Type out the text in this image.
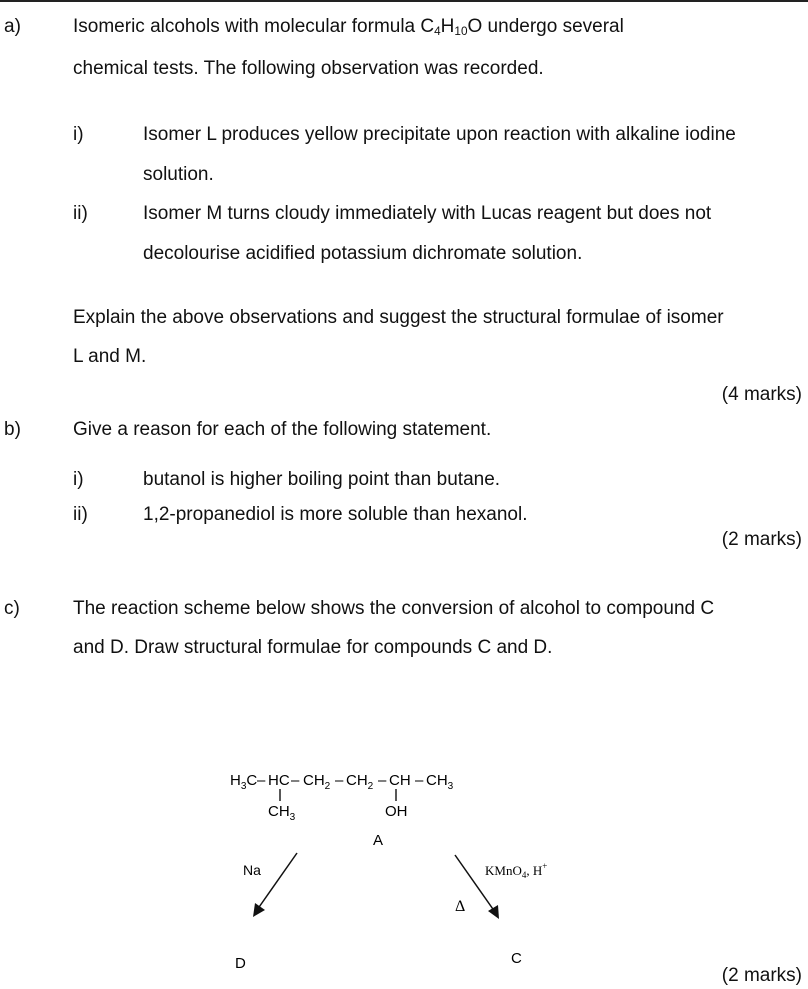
a)	Isomeric alcohols with molecular formula $C_4H_{10}O$ undergo several
chemical tests. The following observation was recorded.
i)	Isomer L produces yellow precipitate upon reaction with alkaline iodine
solution.
ii)	Isomer M turns cloudy immediately with Lucas reagent but does not
decolourise acidified potassium dichromate solution.
Explain the above observations and suggest the structural formulae of isomer
L and M.
(4 marks)
b)	Give a reason for each of the following statement.
i)	butanol is higher boiling point than butane.
ii)	1,2-propanediol is more soluble than hexanol.
(2 marks)
c)	The reaction scheme below shows the conversion of alcohol to compound C
and D. Draw structural formulae for compounds C and D.
$H_3C$ – HC – $CH_2 - CH_2$ – CH – $CH_3$
$CH_3$	OH
A
Na	KMnO$_4$, H+
Δ
D	C
(2 marks)
